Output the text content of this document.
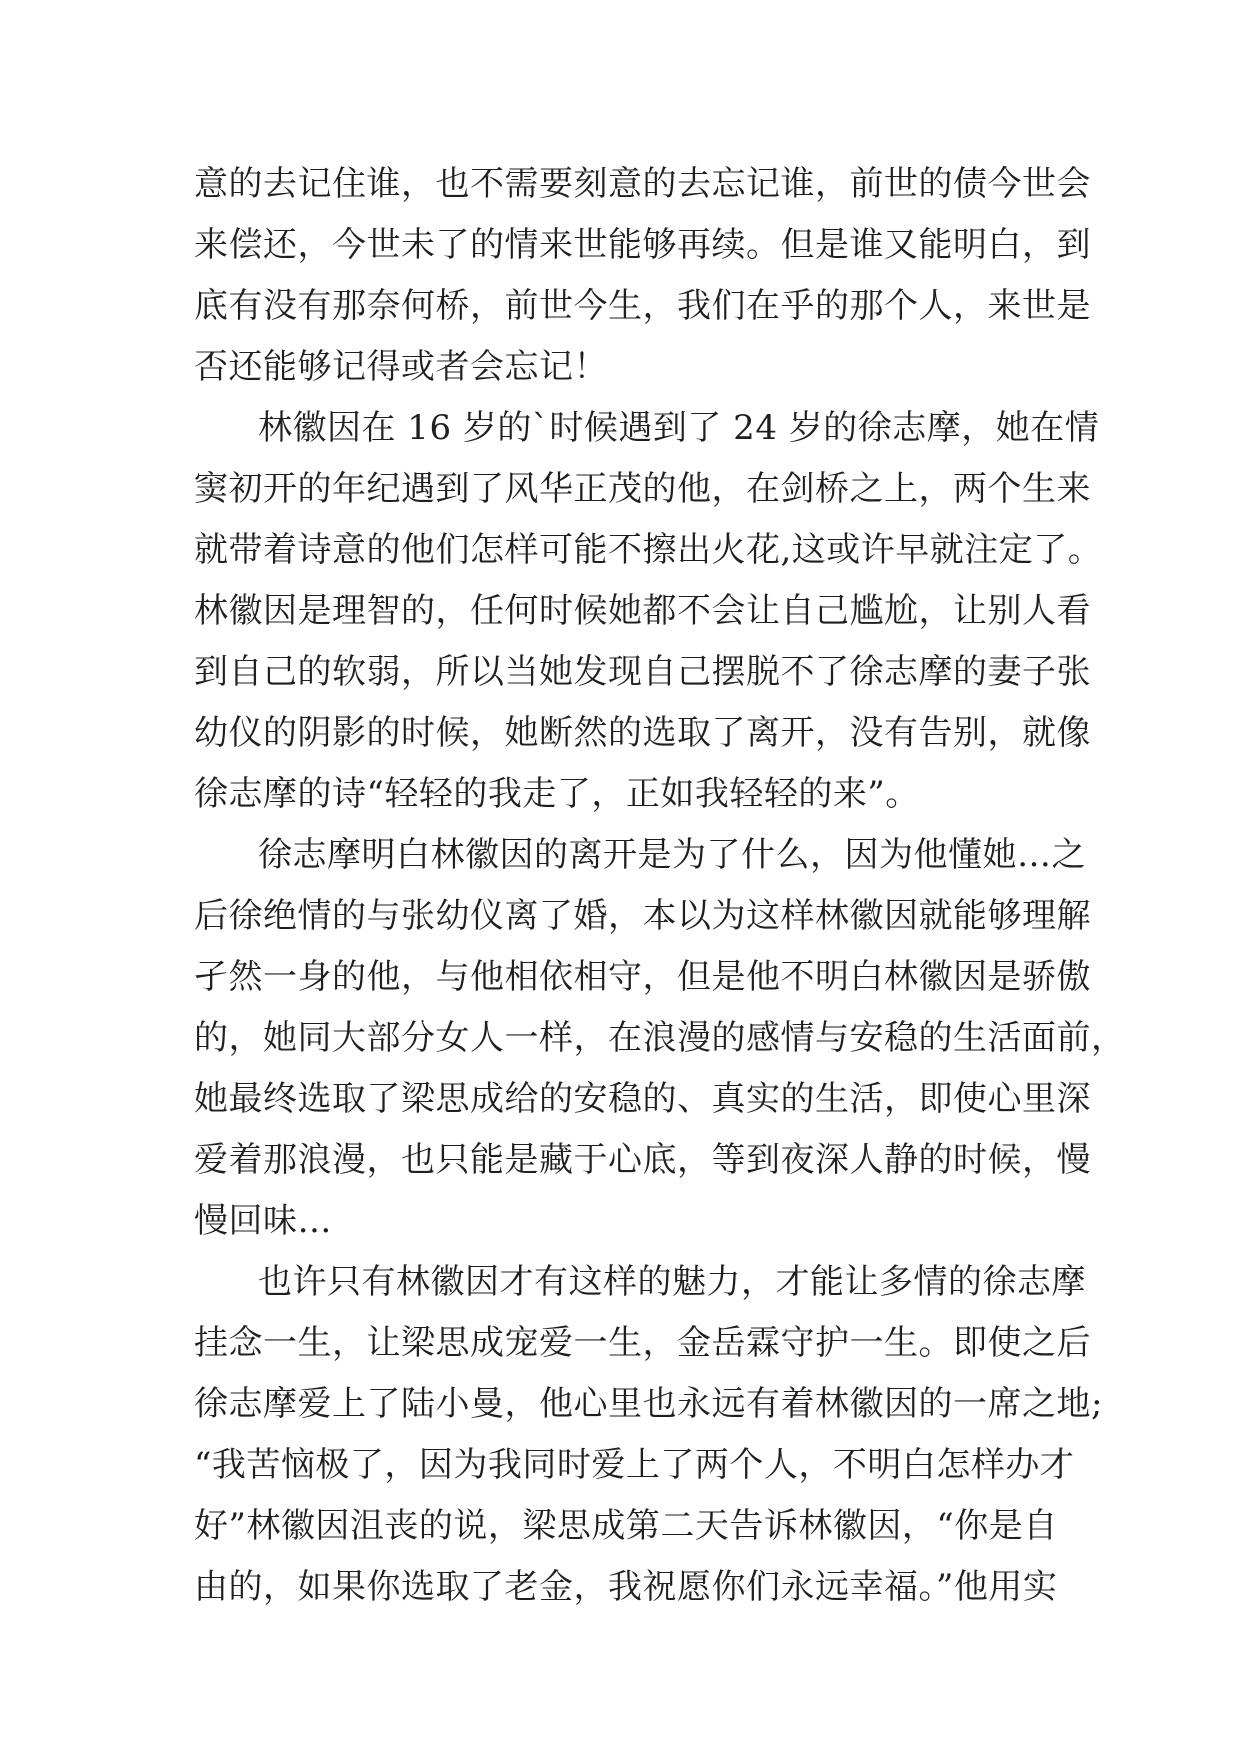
意的去记住谁，也不需要刻意的去忘记谁，前世的债今世会
来偿还，今世未了的情来世能够再续。但是谁又能明白，到
底有没有那奈何桥，前世今生，我们在乎的那个人，来世是
否还能够记得或者会忘记！
林徽因在 16 岁的`时候遇到了 24 岁的徐志摩，她在情
窦初开的年纪遇到了风华正茂的他，在剑桥之上，两个生来
就带着诗意的他们怎样可能不擦出火花,这或许早就注定了。
林徽因是理智的，任何时候她都不会让自己尴尬，让别人看
到自己的软弱，所以当她发现自己摆脱不了徐志摩的妻子张
幼仪的阴影的时候，她断然的选取了离开，没有告别，就像
徐志摩的诗“轻轻的我走了，正如我轻轻的来”。
徐志摩明白林徽因的离开是为了什么，因为他懂她…之
后徐绝情的与张幼仪离了婚，本以为这样林徽因就能够理解
孑然一身的他，与他相依相守，但是他不明白林徽因是骄傲
的，她同大部分女人一样，在浪漫的感情与安稳的生活面前，
她最终选取了梁思成给的安稳的、真实的生活，即使心里深
爱着那浪漫，也只能是藏于心底，等到夜深人静的时候，慢
慢回味…
也许只有林徽因才有这样的魅力，才能让多情的徐志摩
挂念一生，让梁思成宠爱一生，金岳霖守护一生。即使之后
徐志摩爱上了陆小曼，他心里也永远有着林徽因的一席之地;
“我苦恼极了，因为我同时爱上了两个人，不明白怎样办才
好”林徽因沮丧的说，梁思成第二天告诉林徽因，“你是自
由的，如果你选取了老金，我祝愿你们永远幸福。”他用实
